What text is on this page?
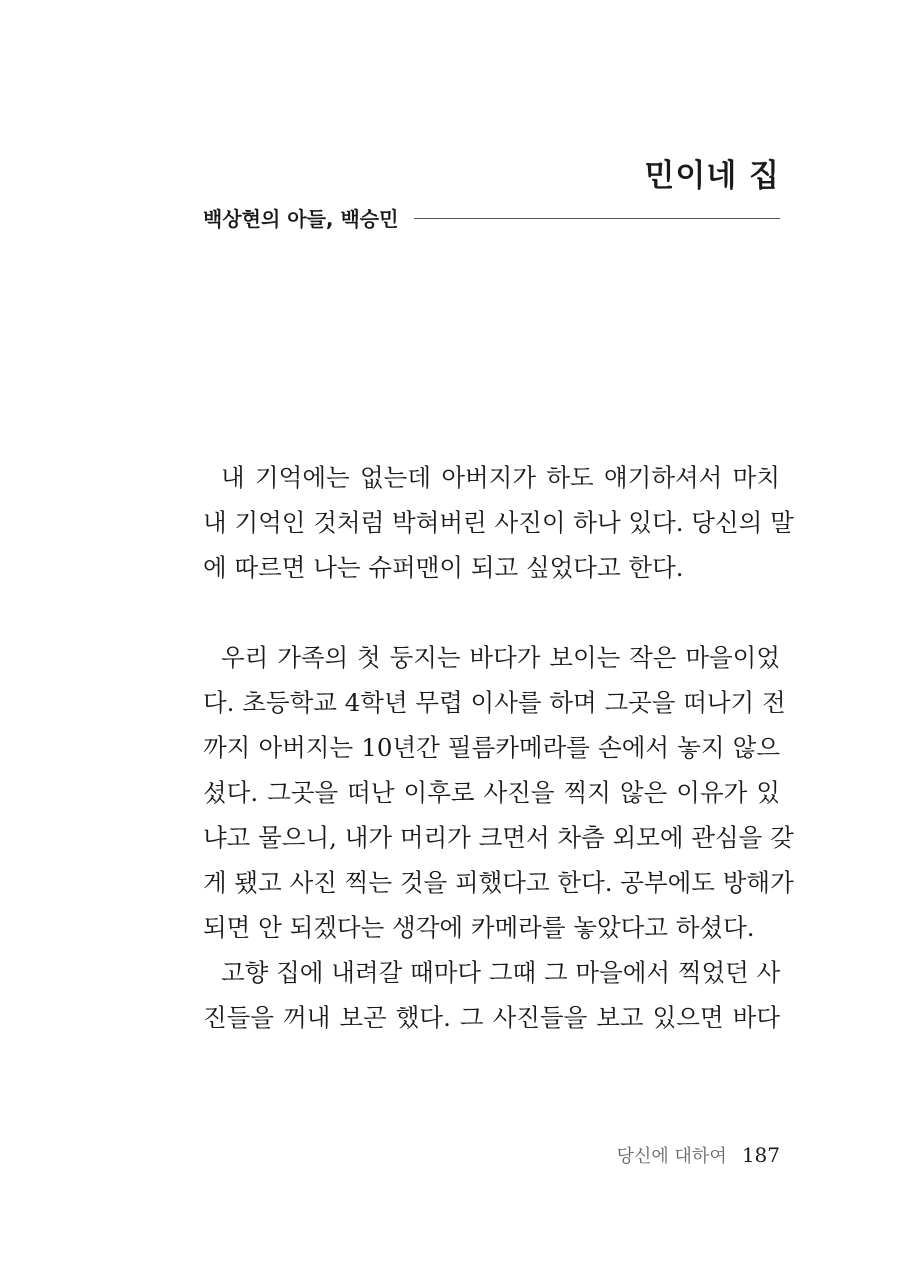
민이네 집
백상현의 아들, 백승민
내 기억에는 없는데 아버지가 하도 얘기하셔서 마치
내 기억인 것처럼 박혀버린 사진이 하나 있다. 당신의 말
에 따르면 나는 슈퍼맨이 되고 싶었다고 한다.
우리 가족의 첫 둥지는 바다가 보이는 작은 마을이었
다. 초등학교 4학년 무렵 이사를 하며 그곳을 떠나기 전
까지 아버지는 10년간 필름카메라를 손에서 놓지 않으
셨다. 그곳을 떠난 이후로 사진을 찍지 않은 이유가 있
냐고 물으니, 내가 머리가 크면서 차츰 외모에 관심을 갖
게 됐고 사진 찍는 것을 피했다고 한다. 공부에도 방해가
되면 안 되겠다는 생각에 카메라를 놓았다고 하셨다.
고향 집에 내려갈 때마다 그때 그 마을에서 찍었던 사
진들을 꺼내 보곤 했다. 그 사진들을 보고 있으면 바다
당신에 대하여 187
